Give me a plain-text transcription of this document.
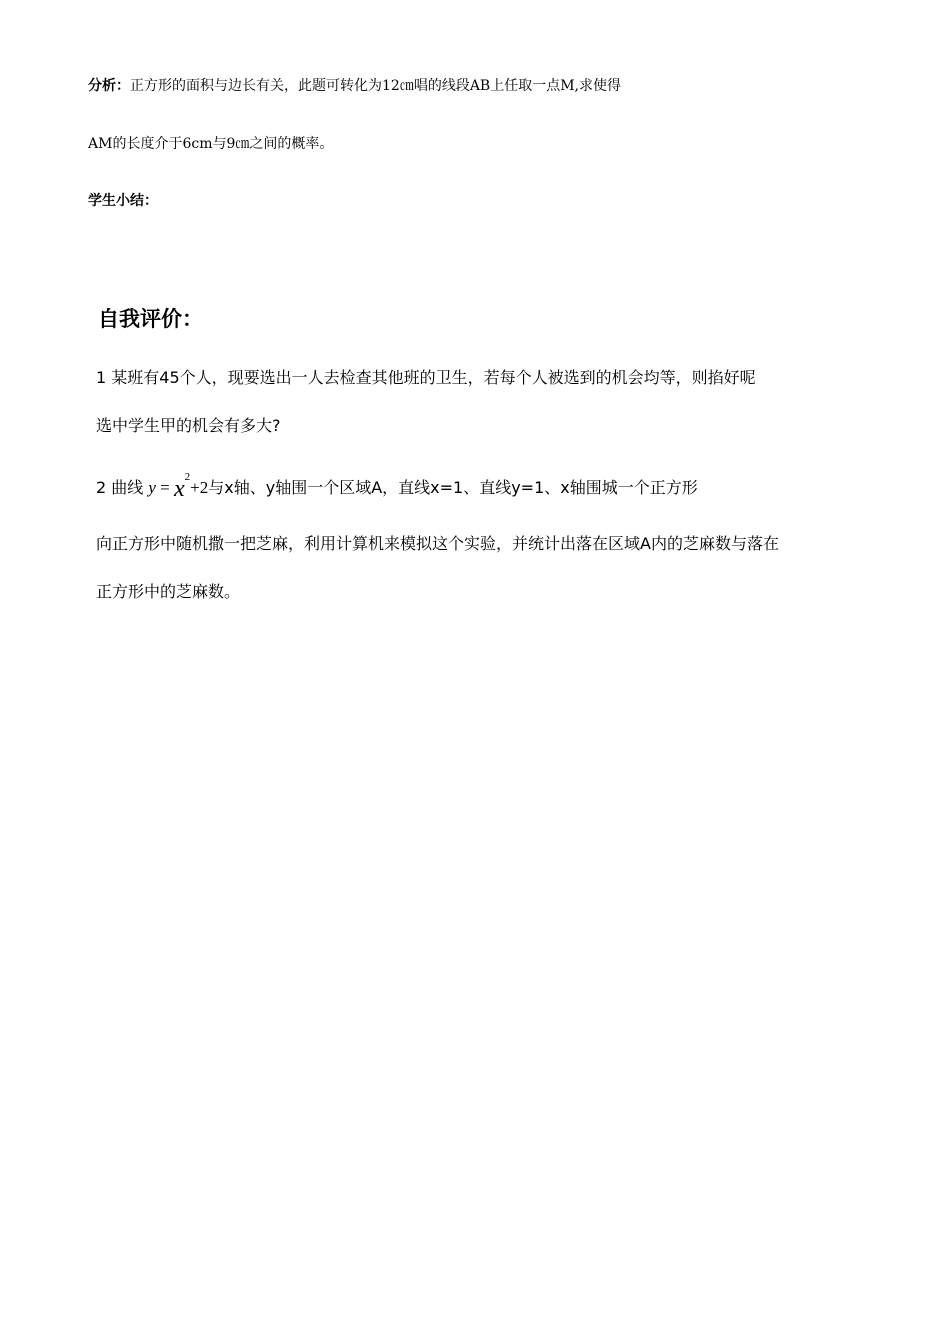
分析：正方形的面积与边长有关，此题可转化为12㎝唱的线段AB上任取一点M,求使得
AM的长度介于6cm与9㎝之间的概率。
学生小结：
自我评价：
1 某班有45个人，现要选出一人去检查其他班的卫生，若每个人被选到的机会均等，则掐好呢
选中学生甲的机会有多大?
2 曲线 $y = x^2+2$与x轴、y轴围一个区域A，直线x=1、直线y=1、x轴围城一个正方形
向正方形中随机撒一把芝麻，利用计算机来模拟这个实验，并统计出落在区域A内的芝麻数与落在
正方形中的芝麻数。
